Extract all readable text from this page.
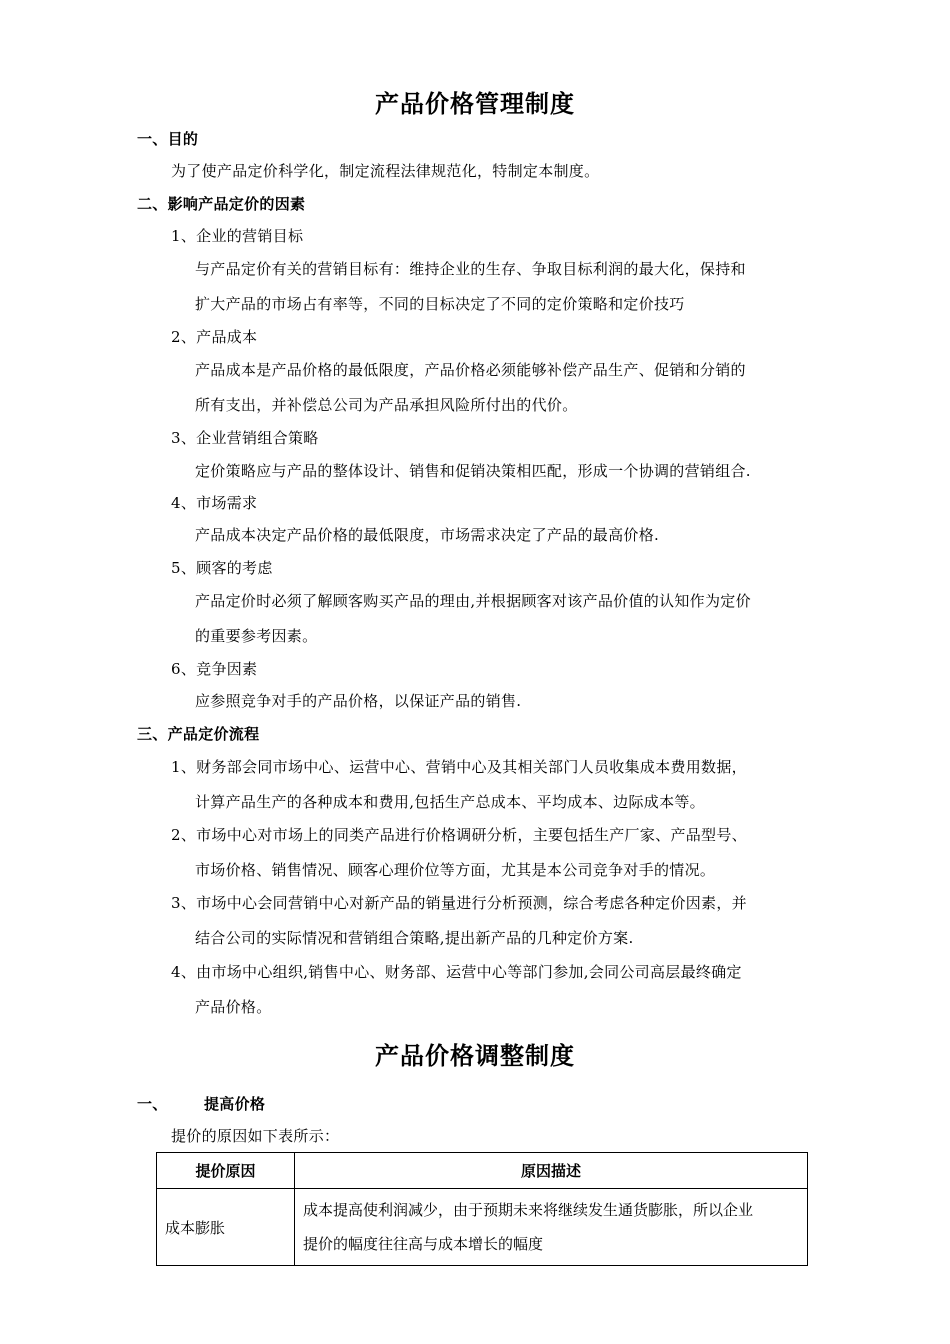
产品价格管理制度
一、目的
为了使产品定价科学化，制定流程法律规范化，特制定本制度。
二、影响产品定价的因素
1、企业的营销目标
与产品定价有关的营销目标有：维持企业的生存、争取目标利润的最大化，保持和
扩大产品的市场占有率等，不同的目标决定了不同的定价策略和定价技巧
2、产品成本
产品成本是产品价格的最低限度，产品价格必须能够补偿产品生产、促销和分销的
所有支出，并补偿总公司为产品承担风险所付出的代价。
3、企业营销组合策略
定价策略应与产品的整体设计、销售和促销决策相匹配，形成一个协调的营销组合.
4、市场需求
产品成本决定产品价格的最低限度，市场需求决定了产品的最高价格.
5、顾客的考虑
产品定价时必须了解顾客购买产品的理由,并根据顾客对该产品价值的认知作为定价
的重要参考因素。
6、竞争因素
应参照竞争对手的产品价格，以保证产品的销售.
三、产品定价流程
1、财务部会同市场中心、运营中心、营销中心及其相关部门人员收集成本费用数据，
计算产品生产的各种成本和费用,包括生产总成本、平均成本、边际成本等。
2、市场中心对市场上的同类产品进行价格调研分析，主要包括生产厂家、产品型号、
市场价格、销售情况、顾客心理价位等方面，尤其是本公司竞争对手的情况。
3、市场中心会同营销中心对新产品的销量进行分析预测，综合考虑各种定价因素，并
结合公司的实际情况和营销组合策略,提出新产品的几种定价方案.
4、由市场中心组织,销售中心、财务部、运营中心等部门参加,会同公司高层最终确定
产品价格。
产品价格调整制度
一、 提高价格
提价的原因如下表所示：
提价原因	原因描述
成本膨胀	成本提高使利润减少，由于预期未来将继续发生通货膨胀，所以企业
提价的幅度往往高与成本增长的幅度
